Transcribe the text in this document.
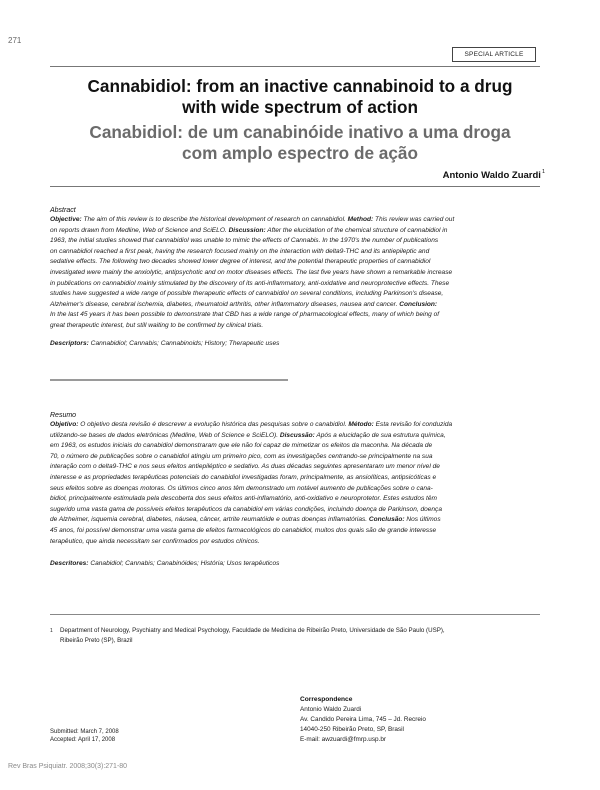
271
SPECIAL ARTICLE
Cannabidiol: from an inactive cannabinoid to a drug
with wide spectrum of action
Canabidiol: de um canabinóide inativo a uma droga
com amplo espectro de ação
Antonio Waldo Zuardi$^1$
Abstract
Objective: The aim of this review is to describe the historical development of research on cannabidiol. Method: This review was carried out
on reports drawn from Medline, Web of Science and SciELO. Discussion: After the elucidation of the chemical structure of cannabidiol in
1963, the initial studies showed that cannabidiol was unable to mimic the effects of Cannabis. In the 1970's the number of publications
on cannabidiol reached a first peak, having the research focused mainly on the interaction with delta9-THC and its antiepileptic and
sedative effects. The following two decades showed lower degree of interest, and the potential therapeutic properties of cannabidiol
investigated were mainly the anxiolytic, antipsychotic and on motor diseases effects. The last five years have shown a remarkable increase
in publications on cannabidiol mainly stimulated by the discovery of its anti-inflammatory, anti-oxidative and neuroprotective effects. These
studies have suggested a wide range of possible therapeutic effects of cannabidiol on several conditions, including Parkinson's disease,
Alzheimer's disease, cerebral ischemia, diabetes, rheumatoid arthritis, other inflammatory diseases, nausea and cancer. Conclusion:
In the last 45 years it has been possible to demonstrate that CBD has a wide range of pharmacological effects, many of which being of
great therapeutic interest, but still waiting to be confirmed by clinical trials.
Descriptors: Cannabidiol; Cannabis; Cannabinoids; History; Therapeutic uses
Resumo
Objetivo: O objetivo desta revisão é descrever a evolução histórica das pesquisas sobre o canabidiol. Método: Esta revisão foi conduzida
utilizando-se bases de dados eletrônicas (Medline, Web of Science e SciELO). Discussão: Após a elucidação de sua estrutura química,
em 1963, os estudos iniciais do canabidiol demonstraram que ele não foi capaz de mimetizar os efeitos da maconha. Na década de
70, o número de publicações sobre o canabidiol atingiu um primeiro pico, com as investigações centrando-se principalmente na sua
interação com o delta9-THC e nos seus efeitos antiepiléptico e sedativo. As duas décadas seguintes apresentaram um menor nível de
interesse e as propriedades terapêuticas potenciais do canabidiol investigadas foram, principalmente, as ansiolíticas, antipsicóticas e
seus efeitos sobre as doenças motoras. Os últimos cinco anos têm demonstrado um notável aumento de publicações sobre o cana-
bidiol, principalmente estimulada pela descoberta dos seus efeitos anti-inflamatório, anti-oxidativo e neuroprotetor. Estes estudos têm
sugerido uma vasta gama de possíveis efeitos terapêuticos da canabidiol em várias condições, incluindo doença de Parkinson, doença
de Alzheimer, isquemia cerebral, diabetes, náusea, câncer, artrite reumatóide e outras doenças inflamatórias. Conclusão: Nos últimos
45 anos, foi possível demonstrar uma vasta gama de efeitos farmacológicos do canabidiol, muitos dos quais são de grande interesse
terapêutico, que ainda necessitam ser confirmados por estudos clínicos.
Descritores: Canabidiol; Cannabis; Canabinóides; História; Usos terapêuticos
1 Department of Neurology, Psychiatry and Medical Psychology, Faculdade de Medicina de Ribeirão Preto, Universidade de São Paulo (USP),
Ribeirão Preto (SP), Brazil
Correspondence
Antonio Waldo Zuardi
Av. Candido Pereira Lima, 745 – Jd. Recreio
14040-250 Ribeirão Preto, SP, Brasil
E-mail: awzuardi@fmrp.usp.br
Submitted: March 7, 2008
Accepted: April 17, 2008
Rev Bras Psiquiatr. 2008;30(3):271-80
